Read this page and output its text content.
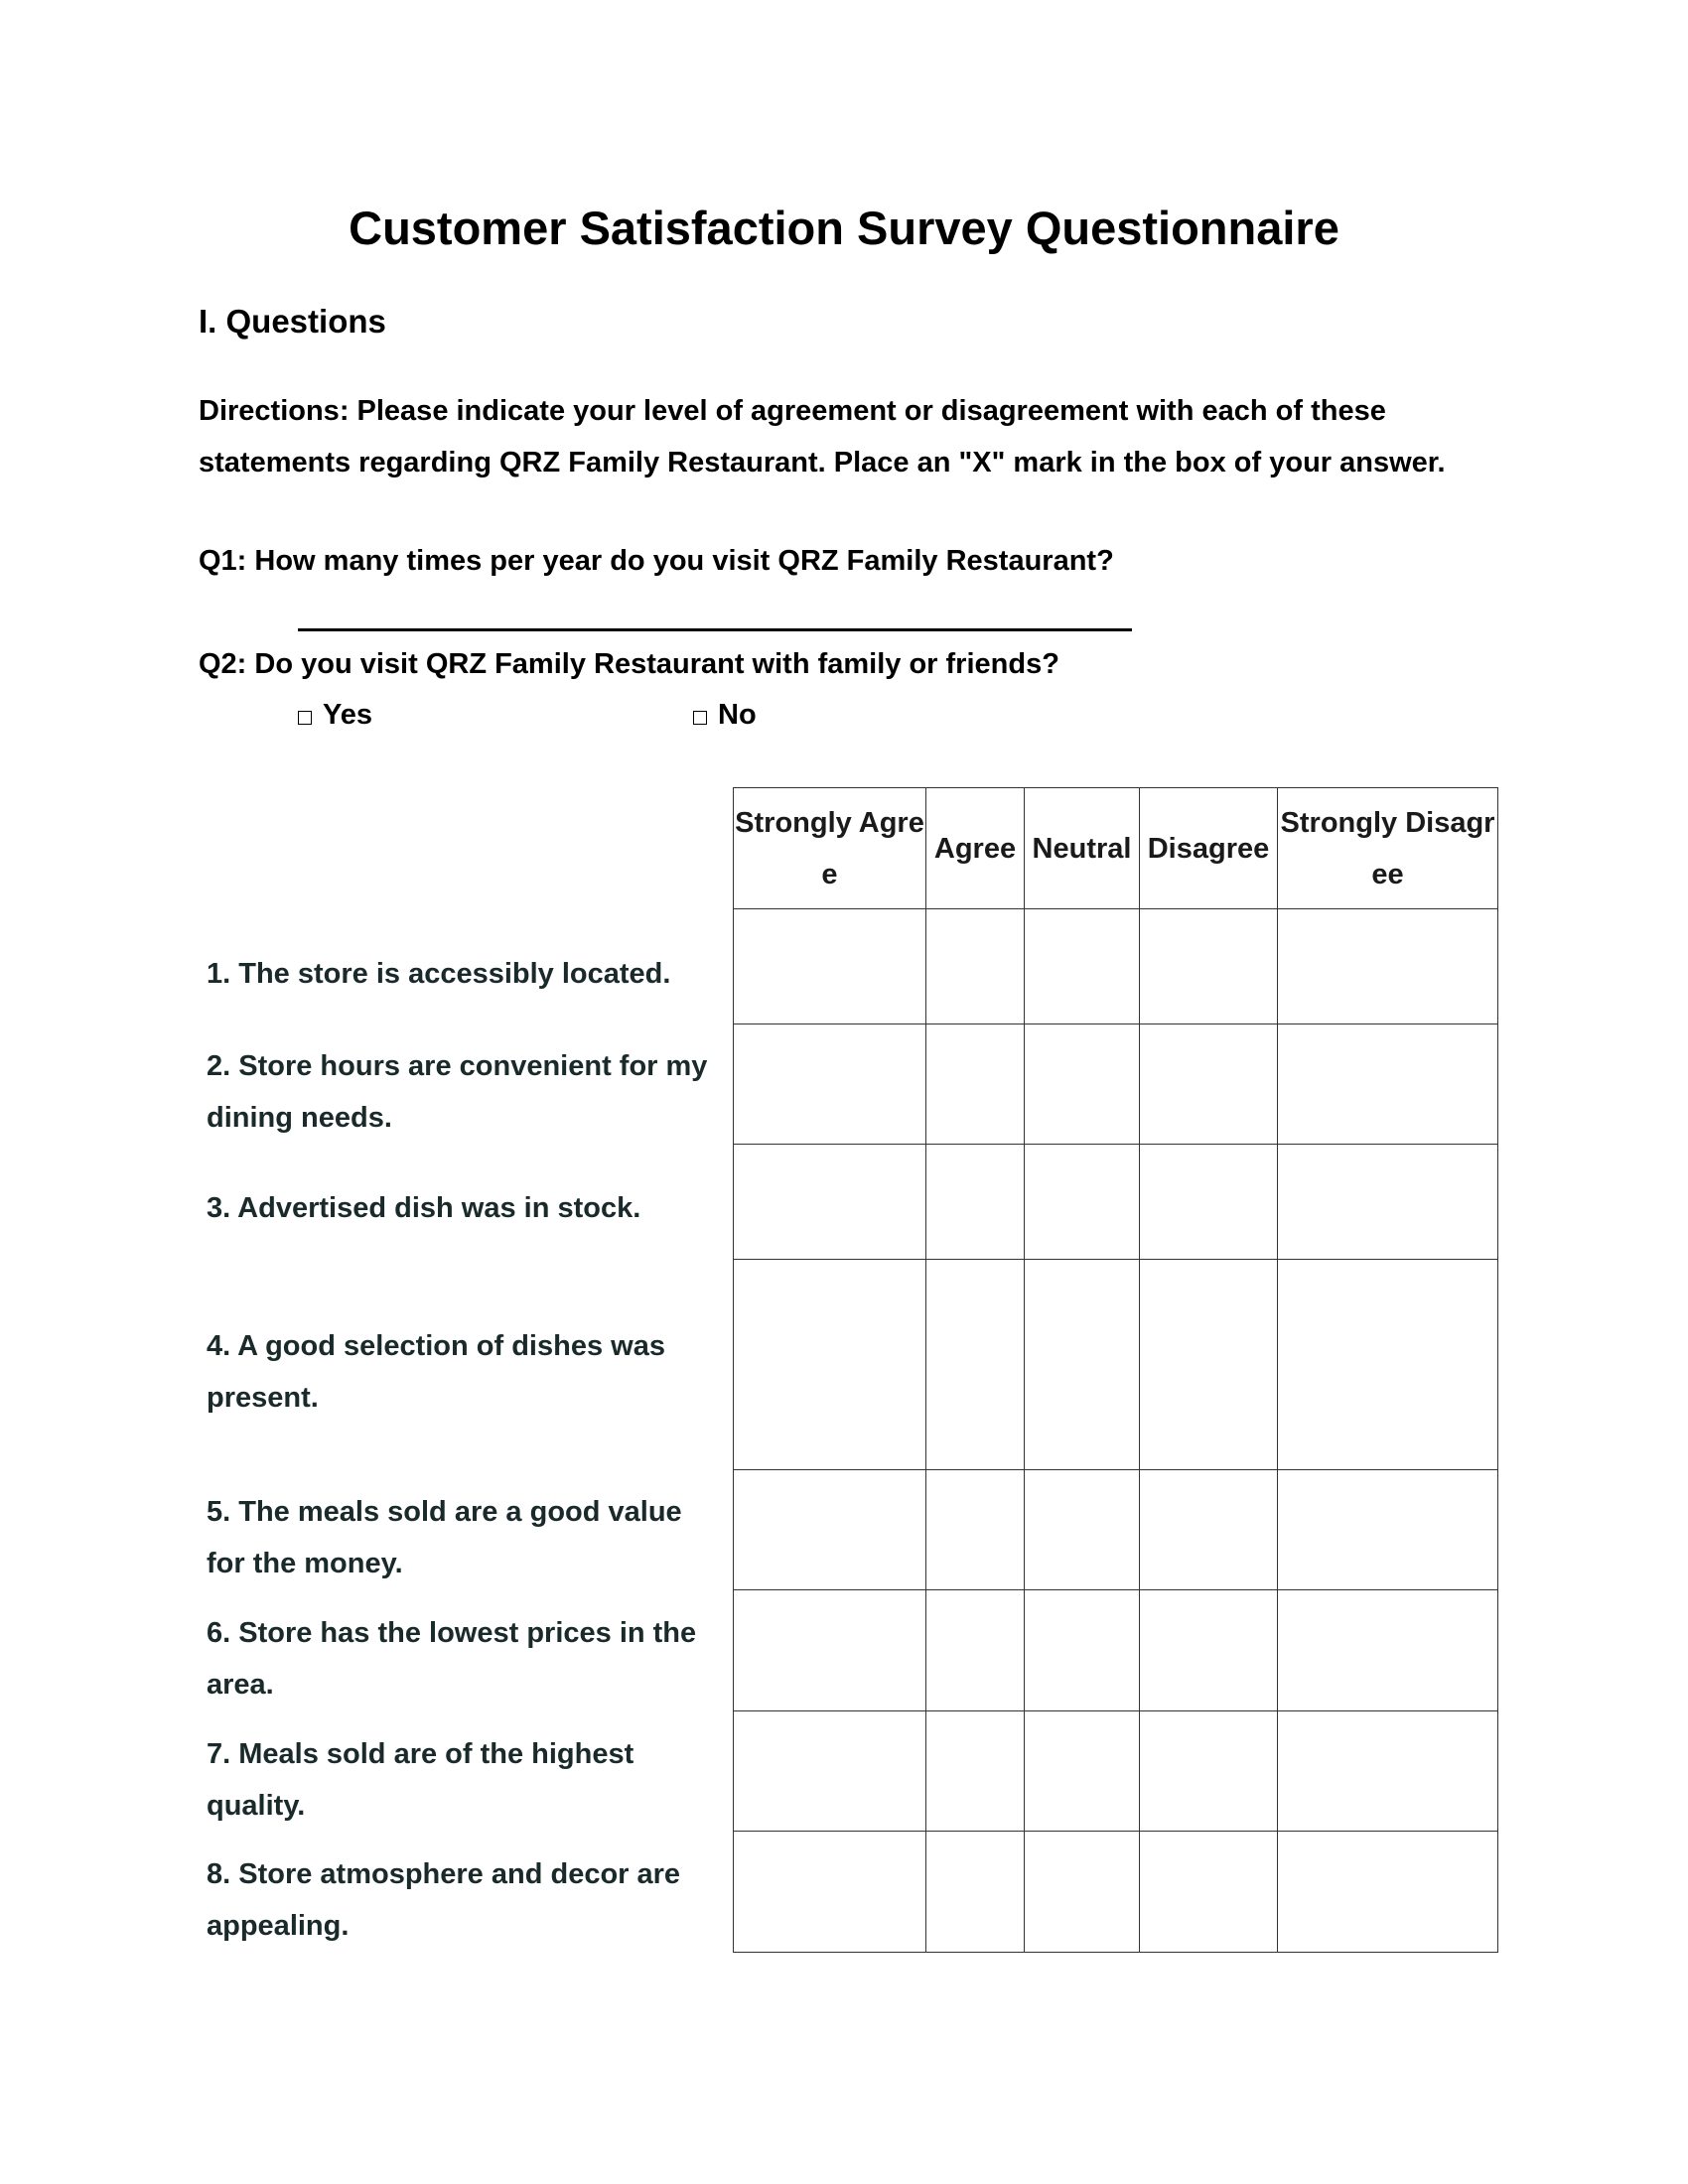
Customer Satisfaction Survey Questionnaire
I. Questions
Directions: Please indicate your level of agreement or disagreement with each of these statements regarding QRZ Family Restaurant. Place an "X" mark in the box of your answer.
Q1: How many times per year do you visit QRZ Family Restaurant?
Q2: Do you visit QRZ Family Restaurant with family or friends?
Yes	No
Strongly Agree	Agree	Neutral	Disagree	Strongly Disagree

1. The store is accessibly located.
2. Store hours are convenient for my dining needs.
3. Advertised dish was in stock.
4. A good selection of dishes was present.
5. The meals sold are a good value for the money.
6. Store has the lowest prices in the area.
7. Meals sold are of the highest quality.
8. Store atmosphere and decor are appealing.
